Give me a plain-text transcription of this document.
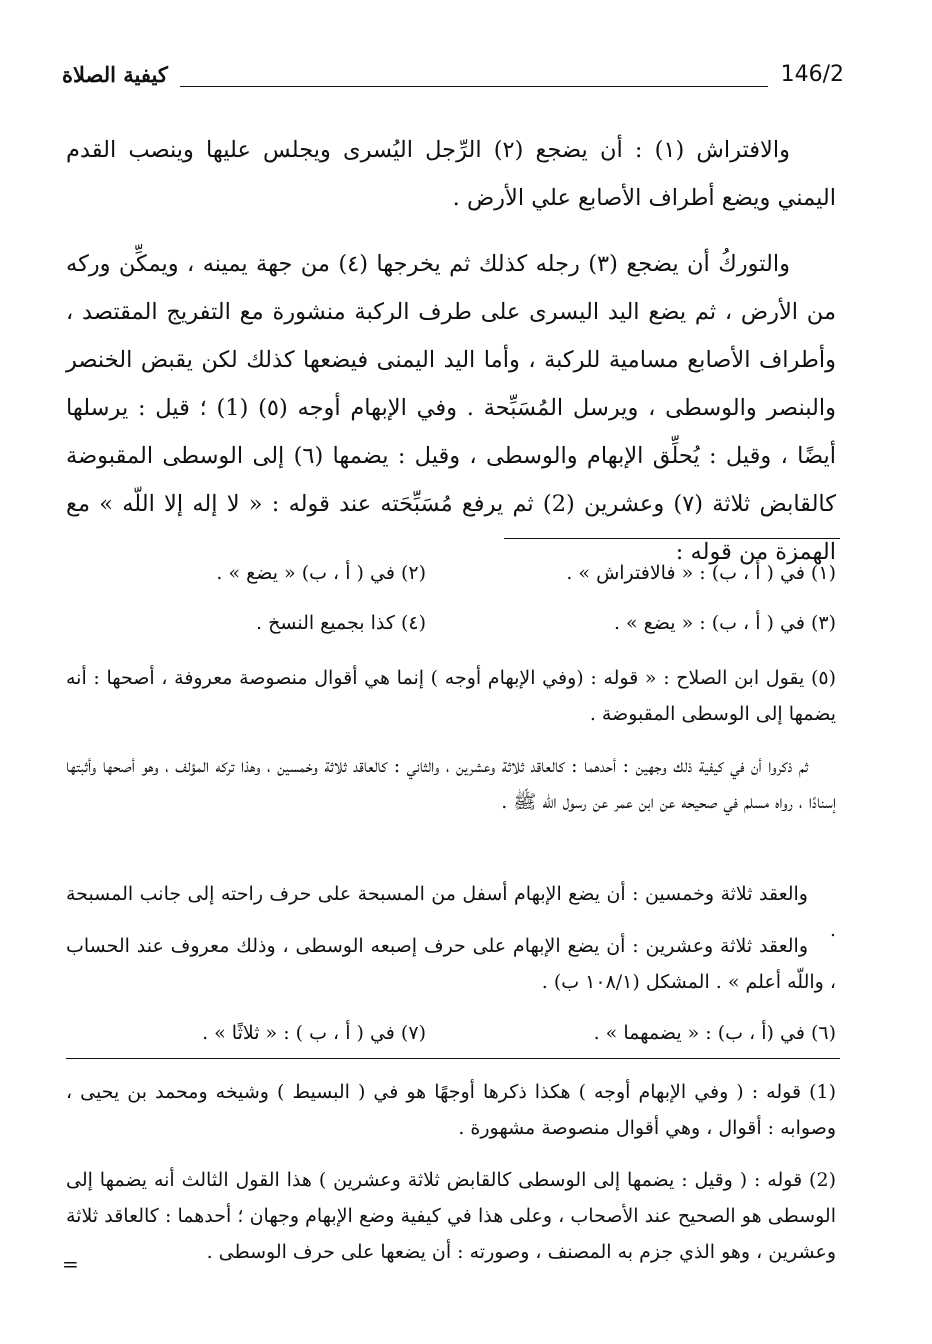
146/2
كيفية الصلاة

والافتراش (١) : أن يضجع (٢) الرِّجل اليُسرى ويجلس عليها وينصب القدم اليمني ويضع أطراف الأصابع علي الأرض .

والتوركُ أن يضجع (٣) رجله كذلك ثم يخرجها (٤) من جهة يمينه ، ويمكِّن وركه من الأرض ، ثم يضع اليد اليسرى على طرف الركبة منشورة مع التفريج المقتصد ، وأطراف الأصابع مسامية للركبة ، وأما اليد اليمنى فيضعها كذلك لكن يقبض الخنصر والبنصر والوسطى ، ويرسل المُسَبِّحة . وفي الإبهام أوجه (٥) (1) ؛ قيل : يرسلها أيضًا ، وقيل : يُحلِّق الإبهام والوسطى ، وقيل : يضمها (٦) إلى الوسطى المقبوضة كالقابض ثلاثة (٧) وعشرين (2) ثم يرفع مُسَبِّحَته عند قوله : « لا إله إلا اللّه » مع الهمزة من قوله :

(١) في ( أ ، ب) : « فالافتراش » .
(٢) في ( أ ، ب) « يضع » .
(٣) في ( أ ، ب) : « يضع » .
(٤) كذا بجميع النسخ .

(٥) يقول ابن الصلاح : « قوله : (وفي الإبهام أوجه ) إنما هي أقوال منصوصة معروفة ، أصحها : أنه يضمها إلى الوسطى المقبوضة .

ثم ذكروا أن في كيفية ذلك وجهين : أحدهما : كالعاقد ثلاثة وعشرين ، والثاني : كالعاقد ثلاثة وخمسين ، وهذا تركه المؤلف ، وهو أصحها وأثبتها إسنادًا ، رواه مسلم في صحيحه عن ابن عمر عن رسول الله ﷺ .

والعقد ثلاثة وخمسين : أن يضع الإبهام أسفل من المسبحة على حرف راحته إلى جانب المسبحة .

والعقد ثلاثة وعشرين : أن يضع الإبهام على حرف إصبعه الوسطى ، وذلك معروف عند الحساب ، واللّه أعلم » . المشكل (١٠٨/١ ب) .

(٦) في (أ ، ب) : « يضمهما » .
(٧) في ( أ ، ب ) : « ثلاثًا » .

(1) قوله : ( وفي الإبهام أوجه ) هكذا ذكرها أوجهًا هو في ( البسيط ) وشيخه ومحمد بن يحيى ، وصوابه : أقوال ، وهي أقوال منصوصة مشهورة .

(2) قوله : ( وقيل : يضمها إلى الوسطى كالقابض ثلاثة وعشرين ) هذا القول الثالث أنه يضمها إلى الوسطى هو الصحيح عند الأصحاب ، وعلى هذا في كيفية وضع الإبهام وجهان ؛ أحدهما : كالعاقد ثلاثة وعشرين ، وهو الذي جزم به المصنف ، وصورته : أن يضعها على حرف الوسطى .

=
